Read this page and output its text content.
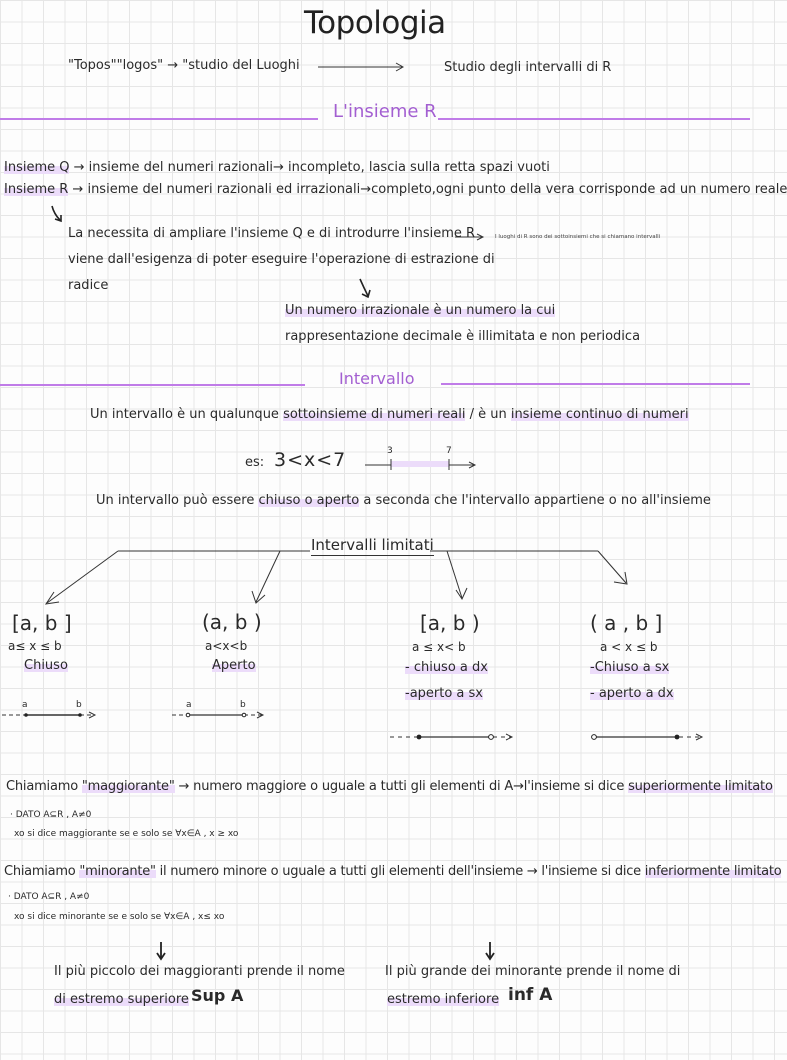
Topologia
"Topos""logos" → "studio del Luoghi	Studio degli intervalli di R
L'insieme R
Insieme Q → insieme del numeri razionali→ incompleto, lascia sulla retta spazi vuoti
Insieme R → insieme del numeri razionali ed irrazionali→completo,ogni punto della vera corrisponde ad un numero reale
La necessita di ampliare l'insieme Q e di introdurre l'insieme R
viene dall'esigenza di poter eseguire l'operazione di estrazione di
radice
I luoghi di R sono dei sottoinsiemi che si chiamano intervalli
Un numero irrazionale è un numero la cui
rappresentazione decimale è illimitata e non periodica
Intervallo
Un intervallo è un qualunque sottoinsieme di numeri reali / è un insieme continuo di numeri
es: 3<x<7	3	7
Un intervallo può essere chiuso o aperto a seconda che l'intervallo appartiene o no all'insieme
Intervalli limitati
[a, b ]
a≤ x ≤ b
Chiuso
a	b
(a, b )
a<x<b
Aperto
a	b
[a, b )
a ≤ x< b
- chiuso a dx
-aperto a sx
( a , b ]
a < x ≤ b
-Chiuso a sx
- aperto a dx
Chiamiamo "maggiorante" → numero maggiore o uguale a tutti gli elementi di A→l'insieme si dice superiormente limitato
· DATO A⊆R , A≠0
xo si dice maggiorante se e solo se ∀x∈A , x ≥ xo
Chiamiamo "minorante" il numero minore o uguale a tutti gli elementi dell'insieme → l'insieme si dice inferiormente limitato
· DATO A⊆R , A≠0
xo si dice minorante se e solo se ∀x∈A , x≤ xo
Il più piccolo dei maggioranti prende il nome
di estremo superiore Sup A
Il più grande dei minorante prende il nome di
estremo inferiore inf A
